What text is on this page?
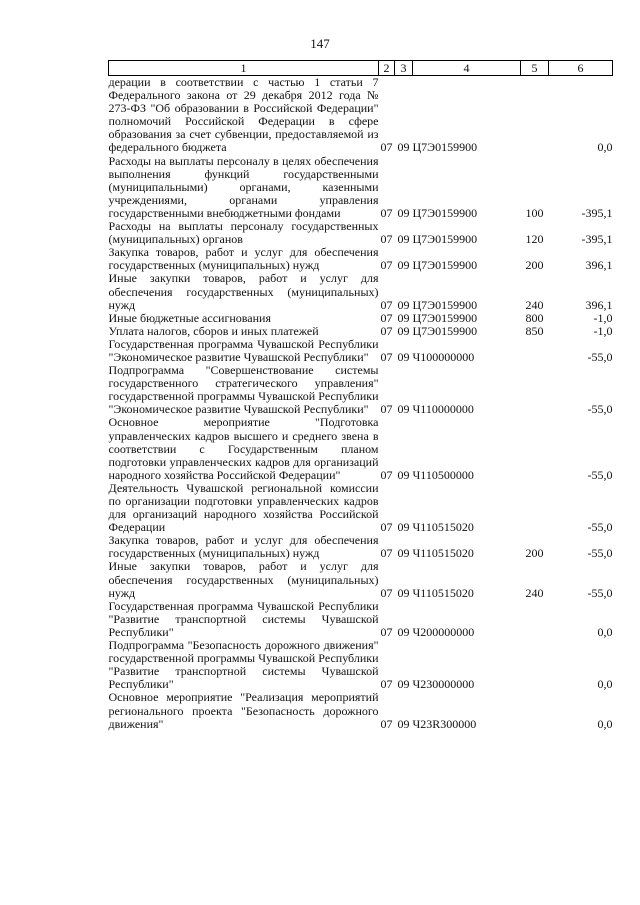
147
1	2	3	4	5	6
дерации в соответствии с частью 1 статьи 7 Федерального закона от 29 декабря 2012 года № 273-ФЗ "Об образовании в Российской Федерации" полномочий Российской Федерации в сфере образования за счет субвенции, предоставляемой из федерального бюджета	07	09	Ц7Э0159900		0,0
Расходы на выплаты персоналу в целях обеспечения выполнения функций государственными (муниципальными) органами, казенными учреждениями, органами управления государственными внебюджетными фондами	07	09	Ц7Э0159900	100	-395,1
Расходы на выплаты персоналу государственных (муниципальных) органов	07	09	Ц7Э0159900	120	-395,1
Закупка товаров, работ и услуг для обеспечения государственных (муниципальных) нужд	07	09	Ц7Э0159900	200	396,1
Иные закупки товаров, работ и услуг для обеспечения государственных (муниципальных) нужд	07	09	Ц7Э0159900	240	396,1
Иные бюджетные ассигнования	07	09	Ц7Э0159900	800	-1,0
Уплата налогов, сборов и иных платежей	07	09	Ц7Э0159900	850	-1,0
Государственная программа Чувашской Республики "Экономическое развитие Чувашской Республики"	07	09	Ч100000000		-55,0
Подпрограмма "Совершенствование системы государственного стратегического управления" государственной программы Чувашской Республики "Экономическое развитие Чувашской Республики"	07	09	Ч110000000		-55,0
Основное мероприятие "Подготовка управленческих кадров высшего и среднего звена в соответствии с Государственным планом подготовки управленческих кадров для организаций народного хозяйства Российской Федерации"	07	09	Ч110500000		-55,0
Деятельность Чувашской региональной комиссии по организации подготовки управленческих кадров для организаций народного хозяйства Российской Федерации	07	09	Ч110515020		-55,0
Закупка товаров, работ и услуг для обеспечения государственных (муниципальных) нужд	07	09	Ч110515020	200	-55,0
Иные закупки товаров, работ и услуг для обеспечения государственных (муниципальных) нужд	07	09	Ч110515020	240	-55,0
Государственная программа Чувашской Республики "Развитие транспортной системы Чувашской Республики"	07	09	Ч200000000		0,0
Подпрограмма "Безопасность дорожного движения" государственной программы Чувашской Республики "Развитие транспортной системы Чувашской Республики"	07	09	Ч230000000		0,0
Основное мероприятие "Реализация мероприятий регионального проекта "Безопасность дорожного движения"	07	09	Ч23R300000		0,0
